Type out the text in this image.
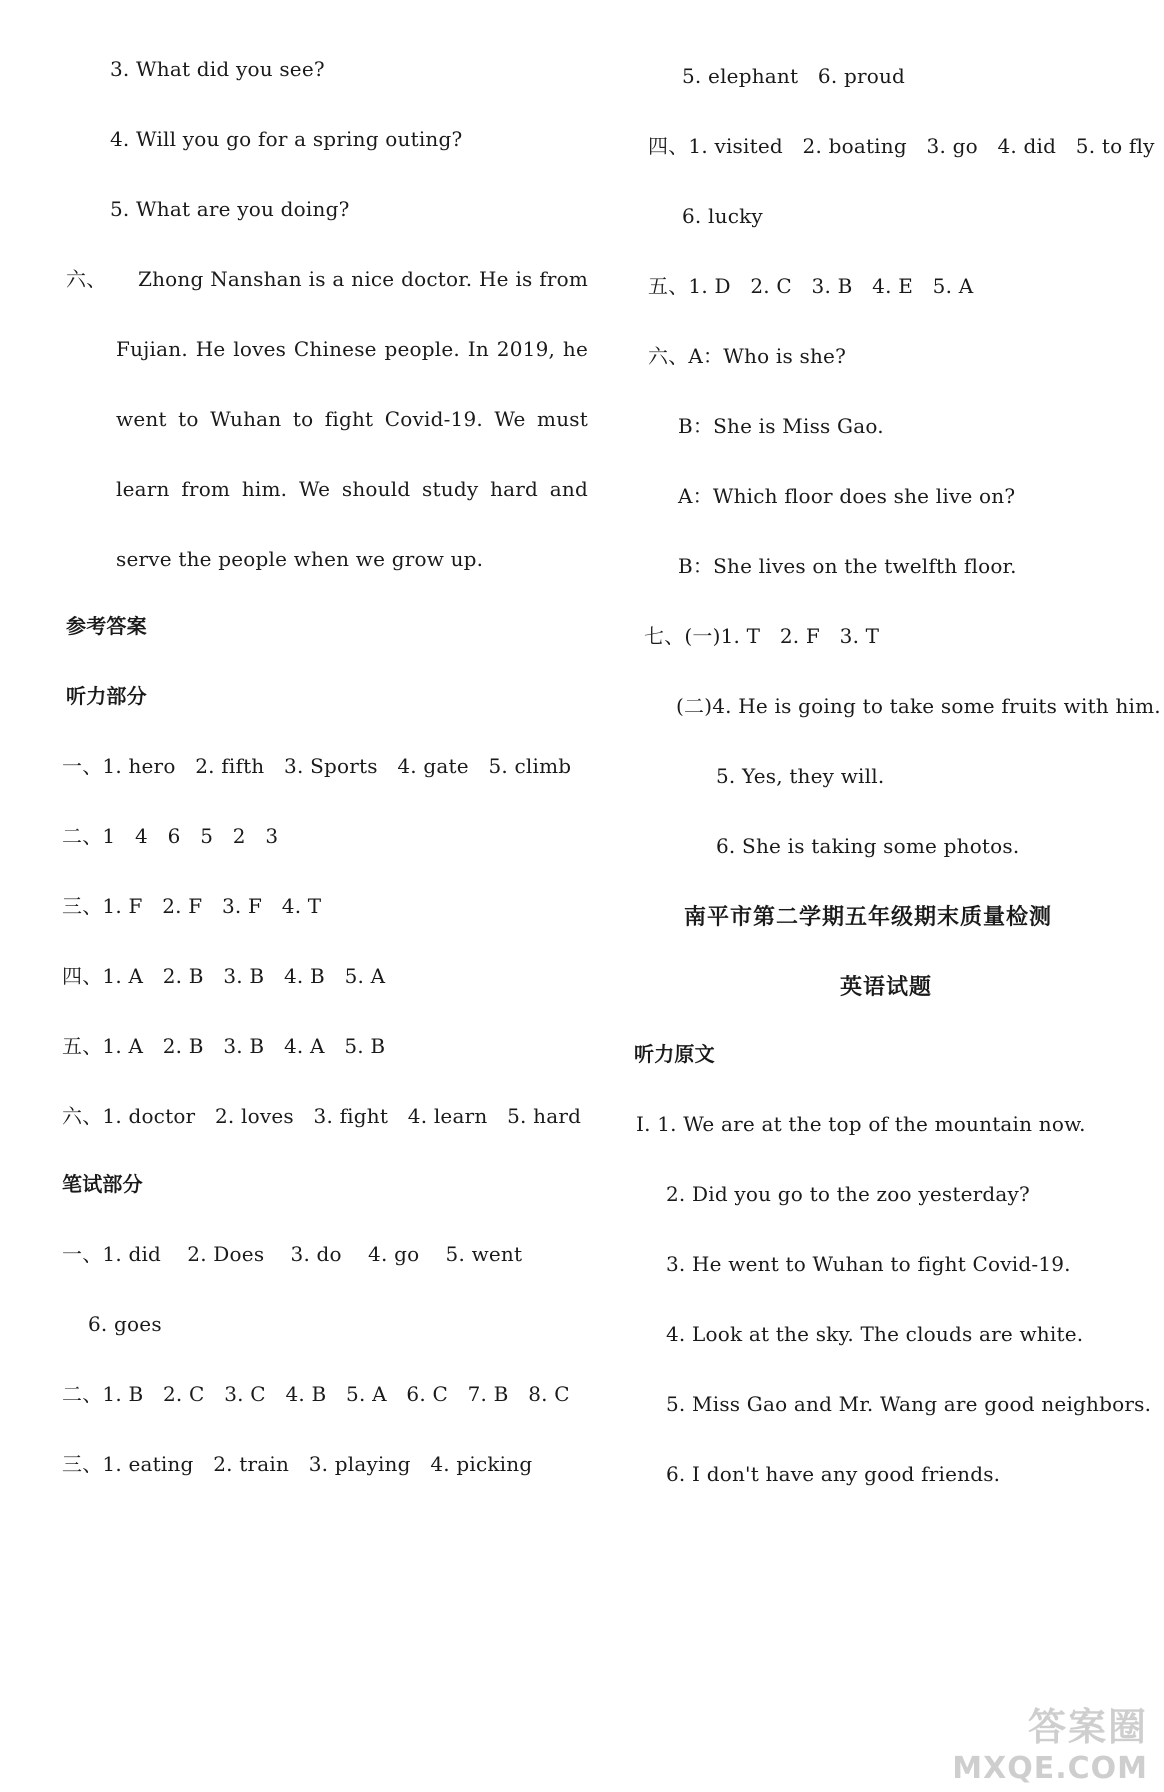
3. What did you see?
4. Will you go for a spring outing?
5. What are you doing?
六、 Zhong Nanshan is a nice doctor. He is from
Fujian. He loves Chinese people. In 2019, he
went to Wuhan to fight Covid-19. We must
learn from him. We should study hard and
serve the people when we grow up.
参考答案
听力部分
一、1. hero   2. fifth   3. Sports   4. gate   5. climb
二、1   4   6   5   2   3
三、1. F   2. F   3. F   4. T
四、1. A   2. B   3. B   4. B   5. A
五、1. A   2. B   3. B   4. A   5. B
六、1. doctor   2. loves   3. fight   4. learn   5. hard
笔试部分
一、1. did    2. Does    3. do    4. go    5. went
6. goes
二、1. B   2. C   3. C   4. B   5. A   6. C   7. B   8. C
三、1. eating   2. train   3. playing   4. picking
5. elephant   6. proud
四、1. visited   2. boating   3. go   4. did   5. to fly
6. lucky
五、1. D   2. C   3. B   4. E   5. A
六、A：Who is she?
B：She is Miss Gao.
A：Which floor does she live on?
B：She lives on the twelfth floor.
七、(一)1. T   2. F   3. T
(二)4. He is going to take some fruits with him.
5. Yes, they will.
6. She is taking some photos.
南平市第二学期五年级期末质量检测
英语试题
听力原文
Ⅰ. 1. We are at the top of the mountain now.
2. Did you go to the zoo yesterday?
3. He went to Wuhan to fight Covid-19.
4. Look at the sky. The clouds are white.
5. Miss Gao and Mr. Wang are good neighbors.
6. I don't have any good friends.
答案圈
MXQE.COM
